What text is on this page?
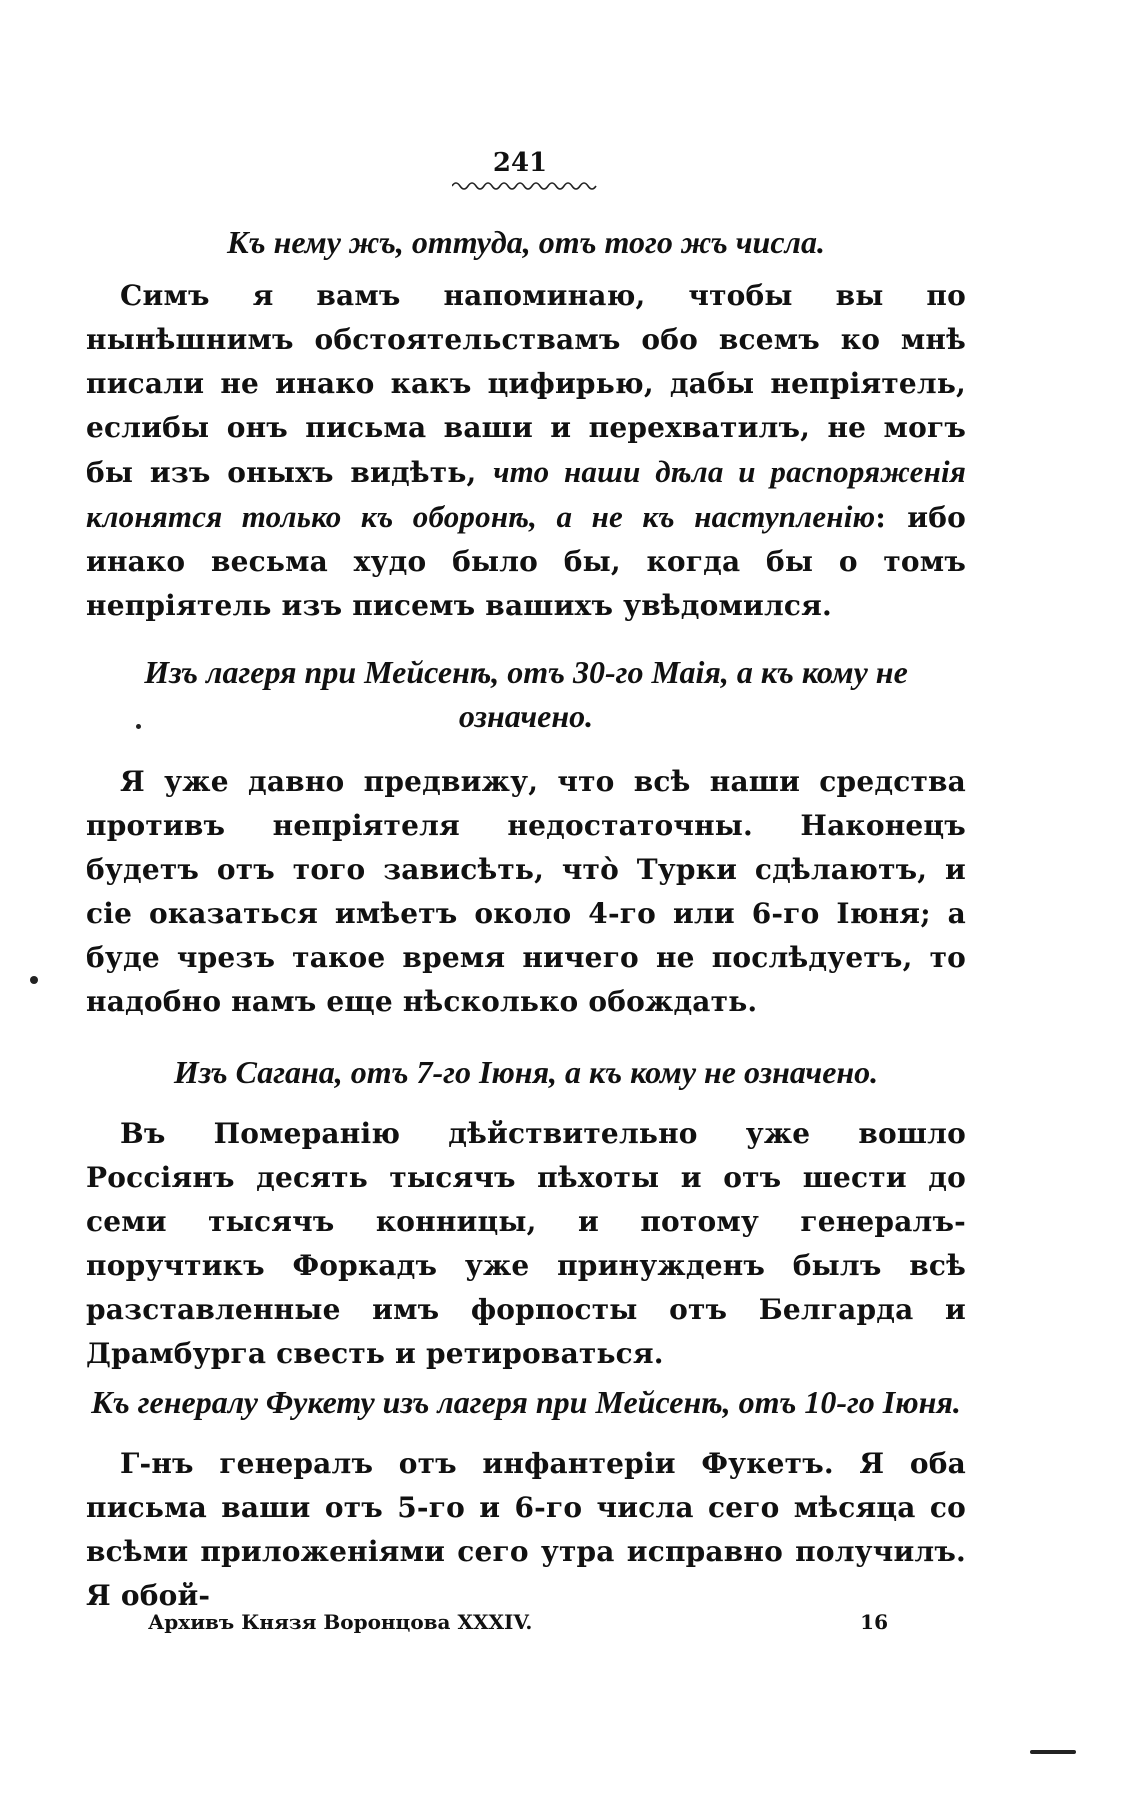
241
Къ нему жъ, оттуда, отъ того жъ числа.
Симъ я вамъ напоминаю, чтобы вы по нынѣшнимъ обстоятельствамъ обо всемъ ко мнѣ писали не инако какъ цифирью, дабы непріятель, еслибы онъ письма ваши и перехватилъ, не могъ бы изъ оныхъ видѣть, что наши дѣла и распоряженія клонятся только къ оборонѣ, а не къ наступленію: ибо инако весьма худо было бы, когда бы о томъ непріятель изъ писемъ вашихъ увѣдомился.
Изъ лагеря при Мейсенѣ, отъ 30-го Маія, а къ кому не означено.
Я уже давно предвижу, что всѣ наши средства противъ непріятеля недостаточны. Наконецъ будетъ отъ того зависѣть, что̀ Турки сдѣлаютъ, и сіе оказаться имѣетъ около 4-го или 6-го Іюня; а буде чрезъ такое время ничего не послѣдуетъ, то надобно намъ еще нѣсколько обождать.
Изъ Сагана, отъ 7-го Іюня, а къ кому не означено.
Въ Померанію дѣйствительно уже вошло Россіянъ десять тысячъ пѣхоты и отъ шести до семи тысячъ конницы, и потому генералъ-поручтикъ Форкадъ уже принужденъ былъ всѣ разставленные имъ форпосты отъ Белгарда и Драмбурга свесть и ретироваться.
Къ генералу Фукету изъ лагеря при Мейсенѣ, отъ 10-го Іюня.
Г-нъ генералъ отъ инфантеріи Фукетъ. Я оба письма ваши отъ 5-го и 6-го числа сего мѣсяца со всѣми приложеніями сего утра исправно получилъ. Я обой-
Архивъ Князя Воронцова XXXIV.	16
